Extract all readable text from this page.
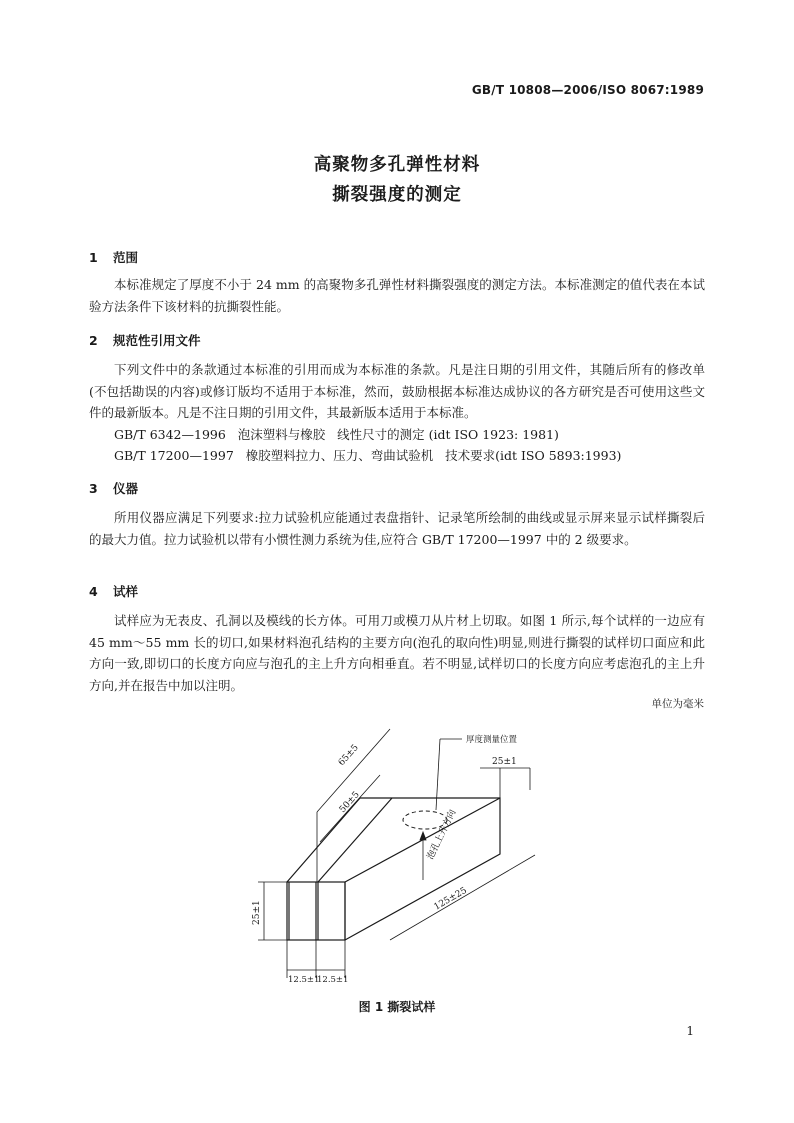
GB/T 10808—2006/ISO 8067:1989
高聚物多孔弹性材料
撕裂强度的测定
1 范围

本标准规定了厚度不小于 24 mm 的高聚物多孔弹性材料撕裂强度的测定方法。本标准测定的值代表在本试验方法条件下该材料的抗撕裂性能。

2 规范性引用文件

下列文件中的条款通过本标准的引用而成为本标准的条款。凡是注日期的引用文件，其随后所有的修改单(不包括勘误的内容)或修订版均不适用于本标准，然而，鼓励根据本标准达成协议的各方研究是否可使用这些文件的最新版本。凡是不注日期的引用文件，其最新版本适用于本标准。

GB/T 6342—1996   泡沫塑料与橡胶   线性尺寸的测定 (idt ISO 1923: 1981)
GB/T 17200—1997   橡胶塑料拉力、压力、弯曲试验机   技术要求(idt ISO 5893:1993)
3 仪器

所用仪器应满足下列要求:拉力试验机应能通过表盘指针、记录笔所绘制的曲线或显示屏来显示试样撕裂后的最大力值。拉力试验机以带有小惯性测力系统为佳,应符合 GB/T 17200—1997 中的 2 级要求。

4 试样

试样应为无表皮、孔洞以及模线的长方体。可用刀或模刀从片材上切取。如图 1 所示,每个试样的一边应有 45 mm～55 mm 长的切口,如果材料泡孔结构的主要方向(泡孔的取向性)明显,则进行撕裂的试样切口面应和此方向一致,即切口的长度方向应与泡孔的主上升方向相垂直。若不明显,试样切口的长度方向应考虑泡孔的主上升方向,并在报告中加以注明。

单位为毫米
厚度测量位置
泡孔上升方向
25±1
65±5
50±5
125±25
25±1
12.5±1
12.5±1
图 1 撕裂试样
1
